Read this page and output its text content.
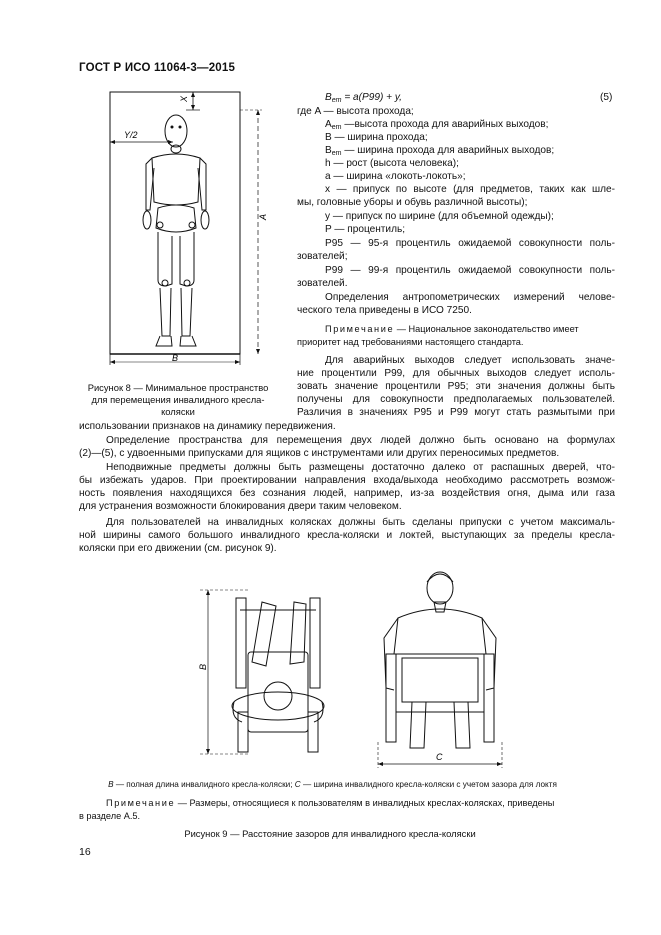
ГОСТ Р ИСО 11064-3—2015
X
Y/2
A
B
Рисунок 8 — Минимальное пространство
для перемещения инвалидного кресла-
коляски
$B_{em} = a(P99) + y$,	(5)
где A — высота прохода;
$A_{em}$ —высота прохода для аварийных выходов;
B — ширина прохода;
$B_{em}$ — ширина прохода для аварийных выходов;
h — рост (высота человека);
a — ширина «локоть-локоть»;
x — припуск по высоте (для предметов, таких как шле-
мы, головные уборы и обувь различной высоты);
y — припуск по ширине (для объемной одежды);
P — процентиль;
P95 — 95-я процентиль ожидаемой совокупности поль-
зователей;
P99 — 99-я процентиль ожидаемой совокупности поль-
зователей.
Определения антропометрических измерений челове-
ческого тела приведены в ИСО 7250.
Примечание — Национальное законодательство имеет
приоритет над требованиями настоящего стандарта.
Для аварийных выходов следует использовать значе-
ние процентили P99, для обычных выходов следует исполь-
зовать значение процентили P95; эти значения должны быть
получены для совокупности предполагаемых пользователей.
Различия в значениях P95 и P99 могут стать размытыми при
использовании признаков на динамику передвижения.
Определение пространства для перемещения двух людей должно быть основано на формулах
(2)—(5), с удвоенными припусками для ящиков с инструментами или других переносимых предметов.
Неподвижные предметы должны быть размещены достаточно далеко от распашных дверей, что-
бы избежать ударов. При проектировании направления входа/выхода необходимо рассмотреть возмож-
ность появления находящихся без сознания людей, например, из-за воздействия огня, дыма или газа
для устранения возможности блокирования двери таким человеком.
Для пользователей на инвалидных колясках должны быть сделаны припуски с учетом максималь-
ной ширины самого большого инвалидного кресла-коляски и локтей, выступающих за пределы кресла-
коляски при его движении (см. рисунок 9).
B
C
B — полная длина инвалидного кресла-коляски; C — ширина инвалидного кресла-коляски с учетом зазора для локтя
Примечание — Размеры, относящиеся к пользователям в инвалидных креслах-колясках, приведены
в разделе А.5.
Рисунок 9 — Расстояние зазоров для инвалидного кресла-коляски
16
